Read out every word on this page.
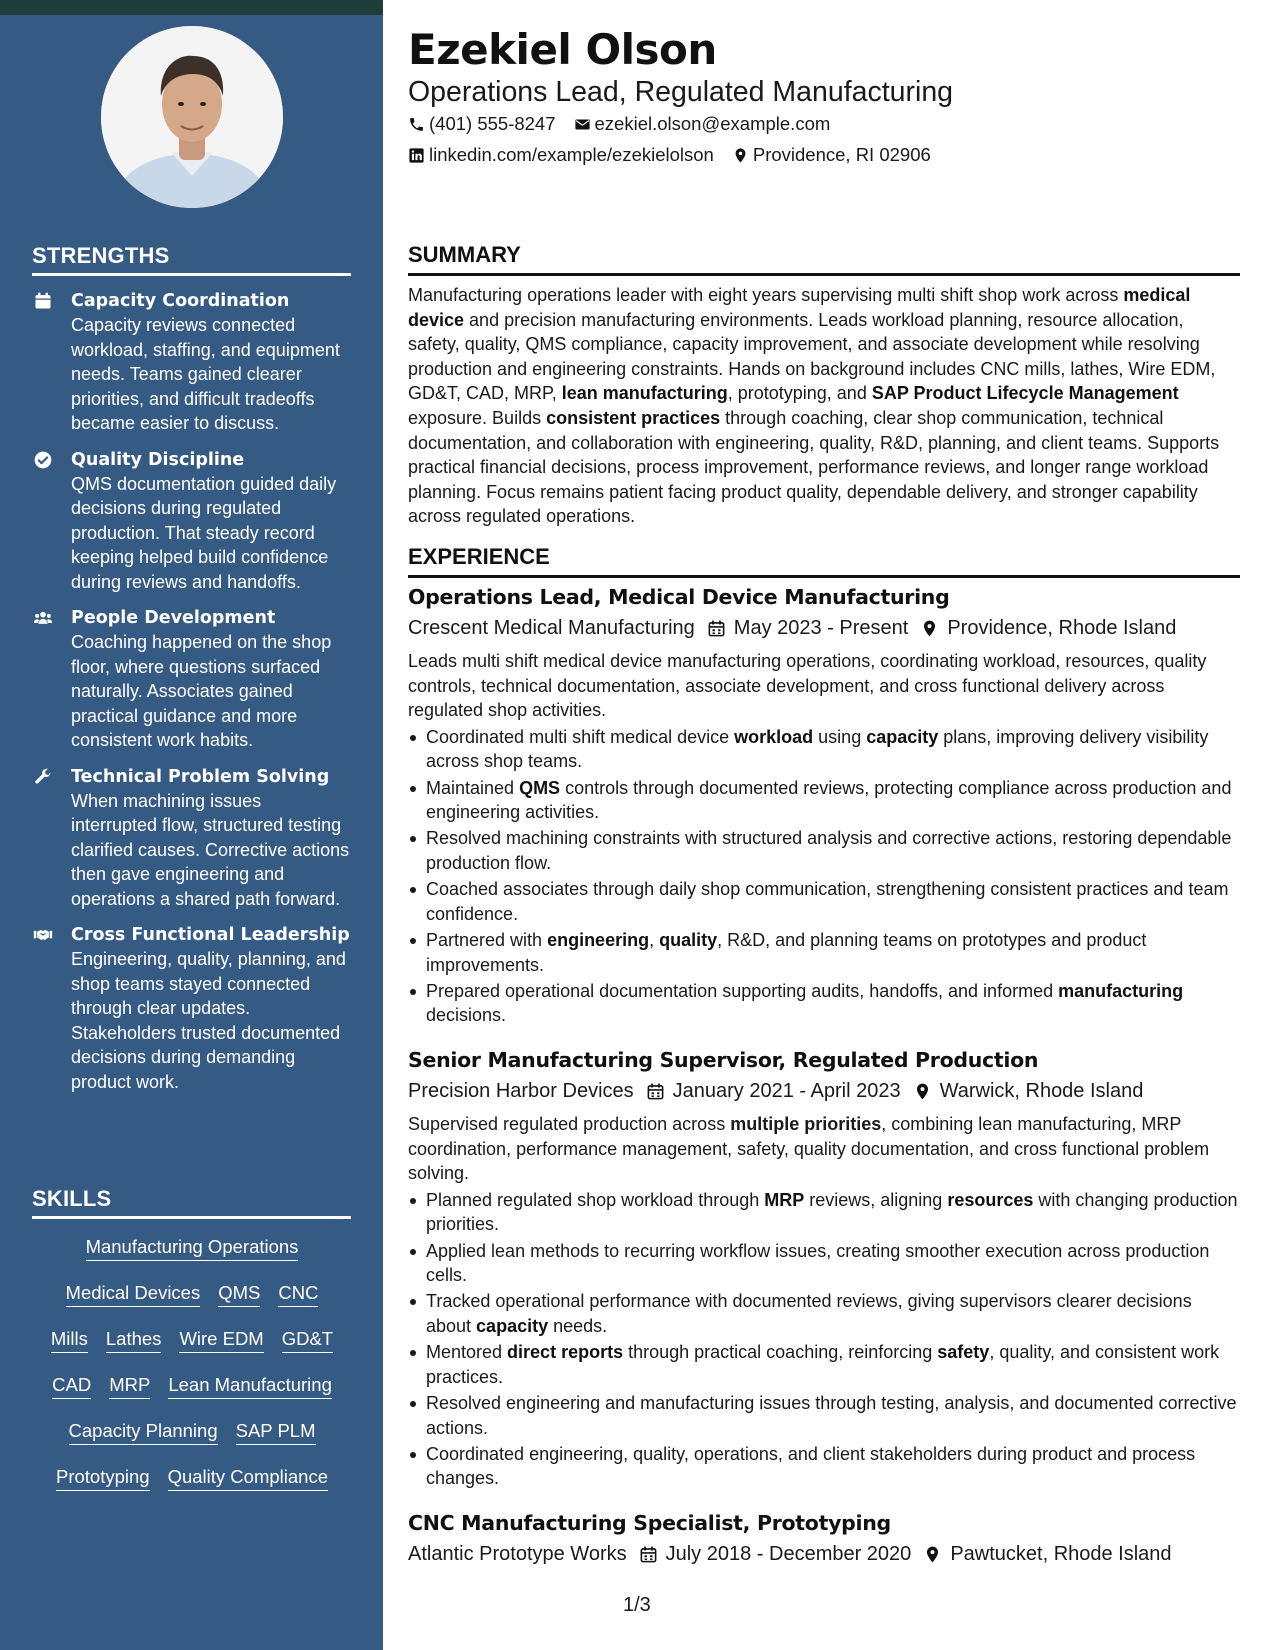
STRENGTHS
Capacity Coordination
Capacity reviews connected workload, staffing, and equipment needs. Teams gained clearer priorities, and difficult tradeoffs became easier to discuss.
Quality Discipline
QMS documentation guided daily decisions during regulated production. That steady record keeping helped build confidence during reviews and handoffs.
People Development
Coaching happened on the shop floor, where questions surfaced naturally. Associates gained practical guidance and more consistent work habits.
Technical Problem Solving
When machining issues interrupted flow, structured testing clarified causes. Corrective actions then gave engineering and operations a shared path forward.
Cross Functional Leadership
Engineering, quality, planning, and shop teams stayed connected through clear updates. Stakeholders trusted documented decisions during demanding product work.
SKILLS
Manufacturing Operations
Medical Devices QMS CNC
Mills Lathes Wire EDM GD&T
CAD MRP Lean Manufacturing
Capacity Planning SAP PLM
Prototyping Quality Compliance
Ezekiel Olson
Operations Lead, Regulated Manufacturing
(401) 555-8247 ezekiel.olson@example.com
linkedin.com/example/ezekielolson Providence, RI 02906
SUMMARY
Manufacturing operations leader with eight years supervising multi shift shop work across medical device and precision manufacturing environments. Leads workload planning, resource allocation, safety, quality, QMS compliance, capacity improvement, and associate development while resolving production and engineering constraints. Hands on background includes CNC mills, lathes, Wire EDM, GD&T, CAD, MRP, lean manufacturing, prototyping, and SAP Product Lifecycle Management exposure. Builds consistent practices through coaching, clear shop communication, technical documentation, and collaboration with engineering, quality, R&D, planning, and client teams. Supports practical financial decisions, process improvement, performance reviews, and longer range workload planning. Focus remains patient facing product quality, dependable delivery, and stronger capability across regulated operations.
EXPERIENCE
Operations Lead, Medical Device Manufacturing
Crescent Medical Manufacturing May 2023 - Present Providence, Rhode Island
Leads multi shift medical device manufacturing operations, coordinating workload, resources, quality controls, technical documentation, associate development, and cross functional delivery across regulated shop activities.
Coordinated multi shift medical device workload using capacity plans, improving delivery visibility across shop teams.
Maintained QMS controls through documented reviews, protecting compliance across production and engineering activities.
Resolved machining constraints with structured analysis and corrective actions, restoring dependable production flow.
Coached associates through daily shop communication, strengthening consistent practices and team confidence.
Partnered with engineering, quality, R&D, and planning teams on prototypes and product improvements.
Prepared operational documentation supporting audits, handoffs, and informed manufacturing decisions.
Senior Manufacturing Supervisor, Regulated Production
Precision Harbor Devices January 2021 - April 2023 Warwick, Rhode Island
Supervised regulated production across multiple priorities, combining lean manufacturing, MRP coordination, performance management, safety, quality documentation, and cross functional problem solving.
Planned regulated shop workload through MRP reviews, aligning resources with changing production priorities.
Applied lean methods to recurring workflow issues, creating smoother execution across production cells.
Tracked operational performance with documented reviews, giving supervisors clearer decisions about capacity needs.
Mentored direct reports through practical coaching, reinforcing safety, quality, and consistent work practices.
Resolved engineering and manufacturing issues through testing, analysis, and documented corrective actions.
Coordinated engineering, quality, operations, and client stakeholders during product and process changes.
CNC Manufacturing Specialist, Prototyping
Atlantic Prototype Works July 2018 - December 2020 Pawtucket, Rhode Island
1/3
